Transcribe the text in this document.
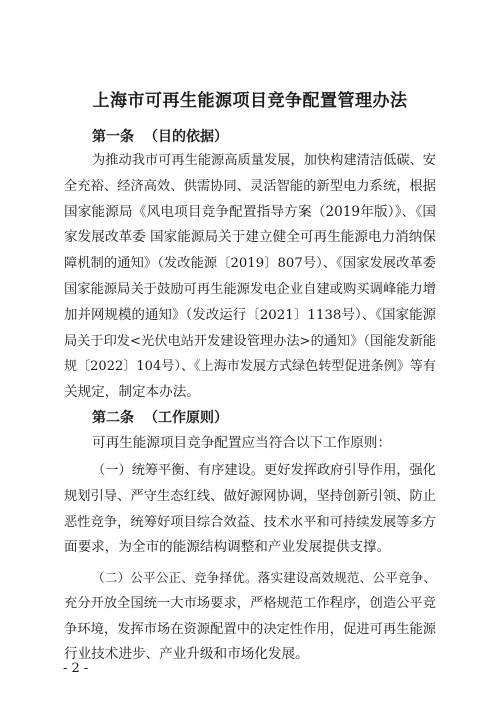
上海市可再生能源项目竞争配置管理办法
第一条 （目的依据）
为推动我市可再生能源高质量发展，加快构建清洁低碳、安
全充裕、经济高效、供需协同、灵活智能的新型电力系统，根据
国家能源局《风电项目竞争配置指导方案（2019年版）》、《国
家发展改革委 国家能源局关于建立健全可再生能源电力消纳保
障机制的通知》（发改能源〔2019〕807号）、《国家发展改革委
国家能源局关于鼓励可再生能源发电企业自建或购买调峰能力增
加并网规模的通知》（发改运行〔2021〕1138号）、《国家能源
局关于印发<光伏电站开发建设管理办法>的通知》（国能发新能
规〔2022〕104号）、《上海市发展方式绿色转型促进条例》等有
关规定，制定本办法。
第二条 （工作原则）
可再生能源项目竞争配置应当符合以下工作原则：
（一）统筹平衡、有序建设。更好发挥政府引导作用，强化
规划引导、严守生态红线、做好源网协调，坚持创新引领、防止
恶性竞争，统筹好项目综合效益、技术水平和可持续发展等多方
面要求，为全市的能源结构调整和产业发展提供支撑。
（二）公平公正、竞争择优。落实建设高效规范、公平竞争、
充分开放全国统一大市场要求，严格规范工作程序，创造公平竞
争环境，发挥市场在资源配置中的决定性作用，促进可再生能源
行业技术进步、产业升级和市场化发展。
- 2 -
